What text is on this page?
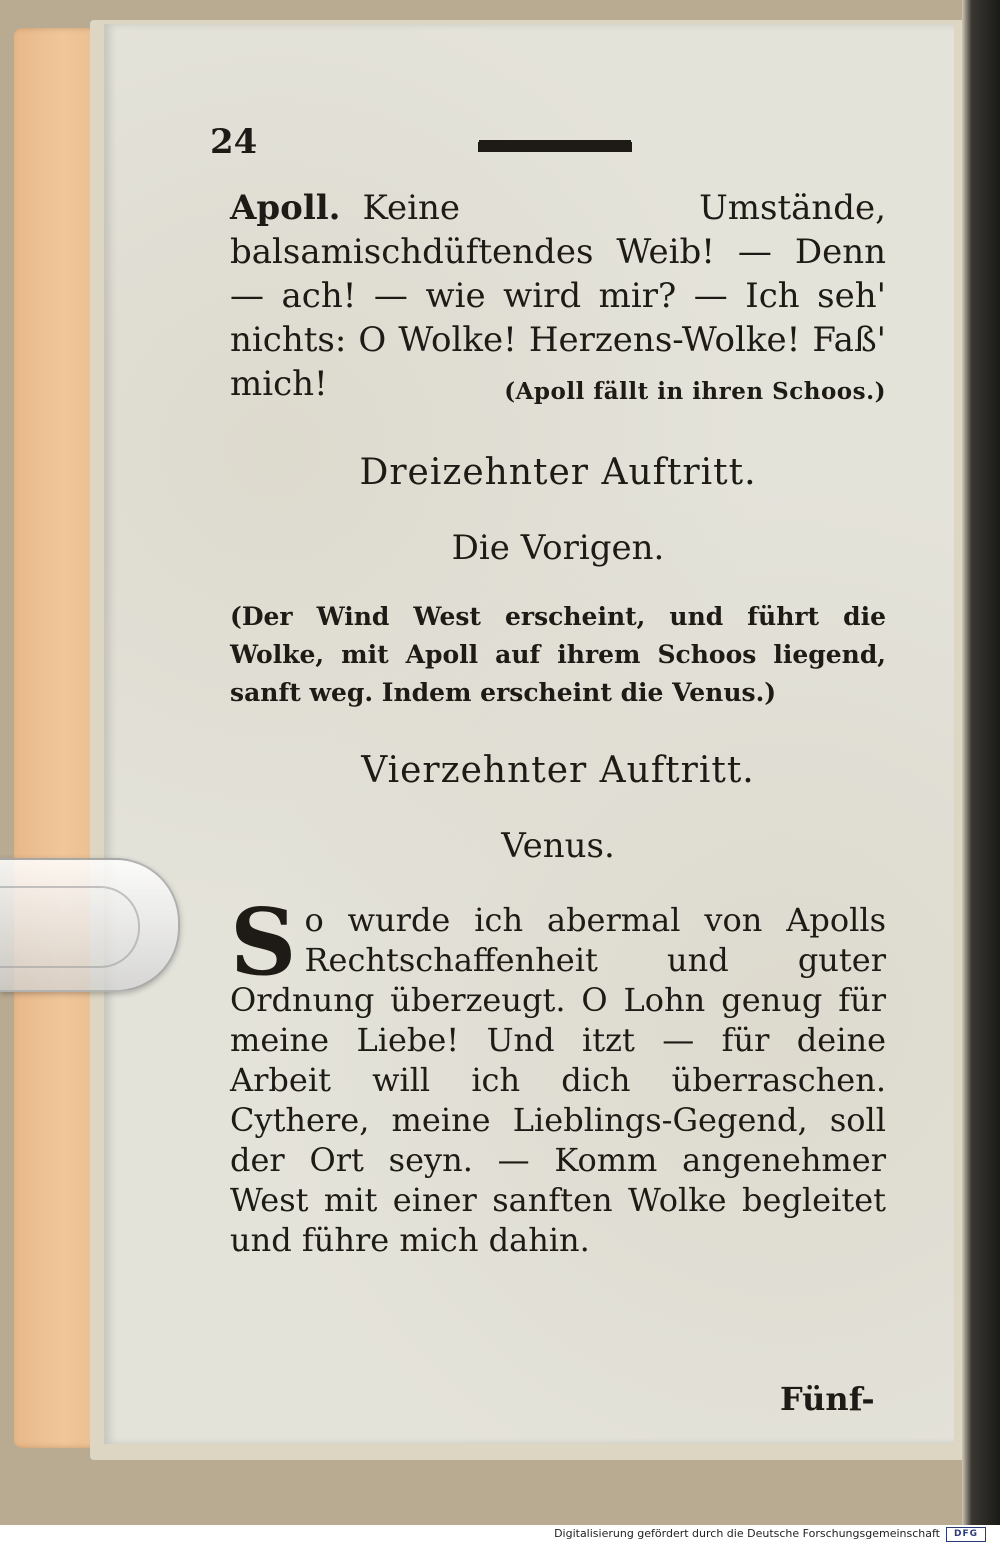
24
Apoll. Keine Umstände, balsamischdüftendes Weib! — Denn — ach! — wie wird mir? — Ich seh' nichts: O Wolke! Herzens-Wolke! Faß' mich!	(Apoll fällt in ihren Schoos.)
Dreizehnter Auftritt.
Die Vorigen.
(Der Wind West erscheint, und führt die Wolke, mit Apoll auf ihrem Schoos liegend, sanft weg. Indem erscheint die Venus.)
Vierzehnter Auftritt.
Venus.
So wurde ich abermal von Apolls Rechtschaffenheit und guter Ordnung überzeugt. O Lohn genug für meine Liebe! Und itzt — für deine Arbeit will ich dich überraschen. Cythere, meine Lieblings-Gegend, soll der Ort seyn. — Komm angenehmer West mit einer sanften Wolke begleitet und führe mich dahin.
Fünf-
Digitalisierung gefördert durch die Deutsche Forschungsgemeinschaft	DFG
